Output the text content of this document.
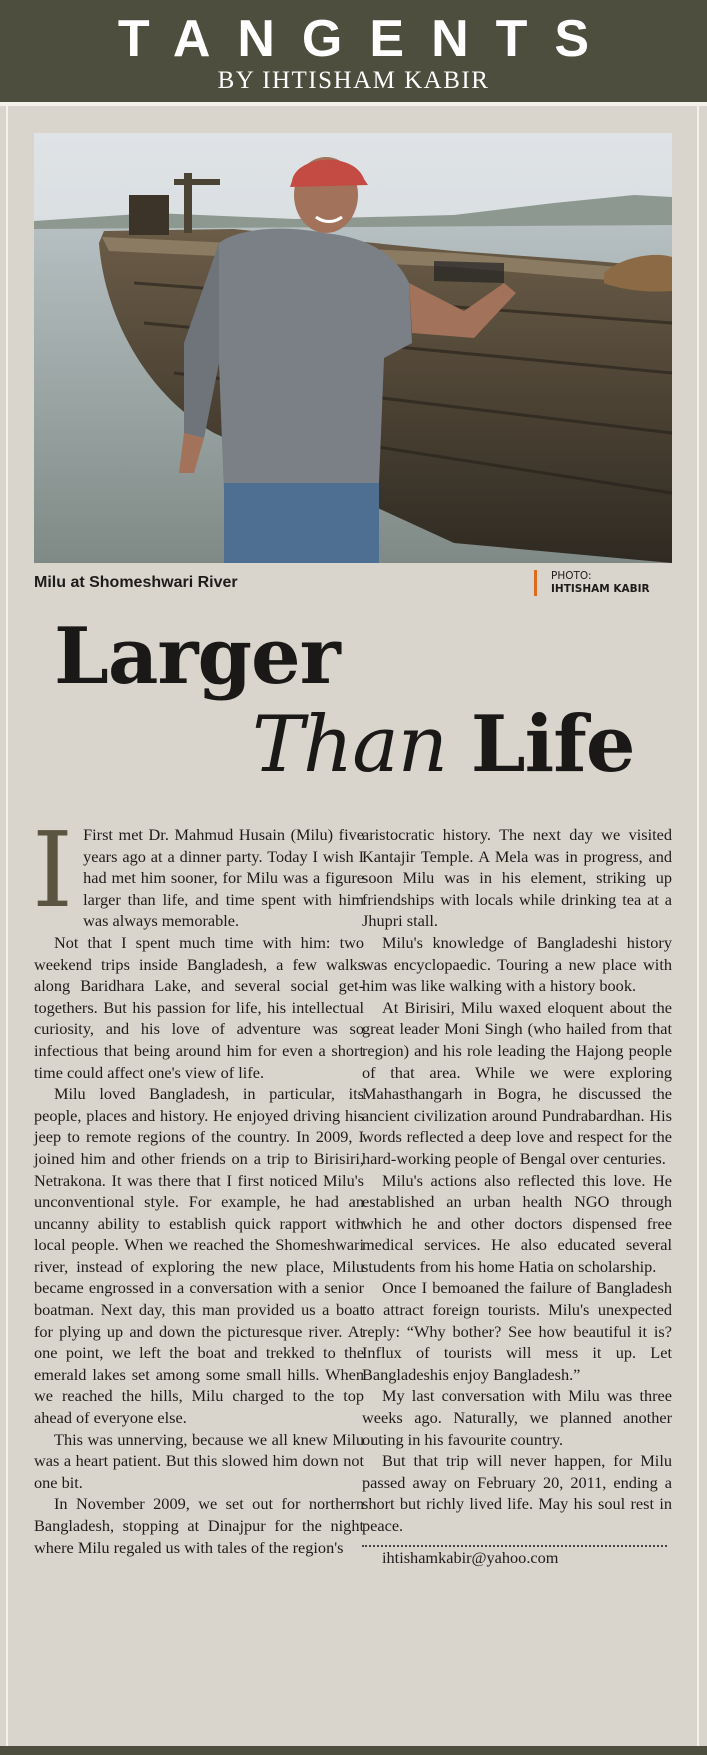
TANGENTS
BY IHTISHAM KABIR
Milu at Shomeshwari River	PHOTO:
IHTISHAM KABIR
Larger
Than Life

I First met Dr. Mahmud Husain (Milu) five years ago at a dinner party. Today I wish I had met him sooner, for Milu was a figure larger than life, and time spent with him was always memorable.

Not that I spent much time with him: two weekend trips inside Bangladesh, a few walks along Baridhara Lake, and several social get-togethers. But his passion for life, his intellectual curiosity, and his love of adventure was so infectious that being around him for even a short time could affect one's view of life.

Milu loved Bangladesh, in particular, its people, places and history. He enjoyed driving his jeep to remote regions of the country. In 2009, I joined him and other friends on a trip to Birisiri, Netrakona. It was there that I first noticed Milu's unconventional style. For example, he had an uncanny ability to establish quick rapport with local people. When we reached the Shomeshwari river, instead of exploring the new place, Milu became engrossed in a conversation with a senior boatman. Next day, this man provided us a boat for plying up and down the picturesque river. At one point, we left the boat and trekked to the emerald lakes set among some small hills. When we reached the hills, Milu charged to the top ahead of everyone else.

This was unnerving, because we all knew Milu was a heart patient. But this slowed him down not one bit.

In November 2009, we set out for northern Bangladesh, stopping at Dinajpur for the night where Milu regaled us with tales of the region's

aristocratic history. The next day we visited Kantajir Temple. A Mela was in progress, and soon Milu was in his element, striking up friendships with locals while drinking tea at a Jhupri stall.

Milu's knowledge of Bangladeshi history was encyclopaedic. Touring a new place with him was like walking with a history book.

At Birisiri, Milu waxed eloquent about the great leader Moni Singh (who hailed from that region) and his role leading the Hajong people of that area. While we were exploring Mahasthangarh in Bogra, he discussed the ancient civilization around Pundrabardhan. His words reflected a deep love and respect for the hard-working people of Bengal over centuries.

Milu's actions also reflected this love. He established an urban health NGO through which he and other doctors dispensed free medical services. He also educated several students from his home Hatia on scholarship.

Once I bemoaned the failure of Bangladesh to attract foreign tourists. Milu's unexpected reply: “Why bother? See how beautiful it is? Influx of tourists will mess it up. Let Bangladeshis enjoy Bangladesh.”

My last conversation with Milu was three weeks ago. Naturally, we planned another outing in his favourite country.

But that trip will never happen, for Milu passed away on February 20, 2011, ending a short but richly lived life. May his soul rest in peace.

ihtishamkabir@yahoo.com
